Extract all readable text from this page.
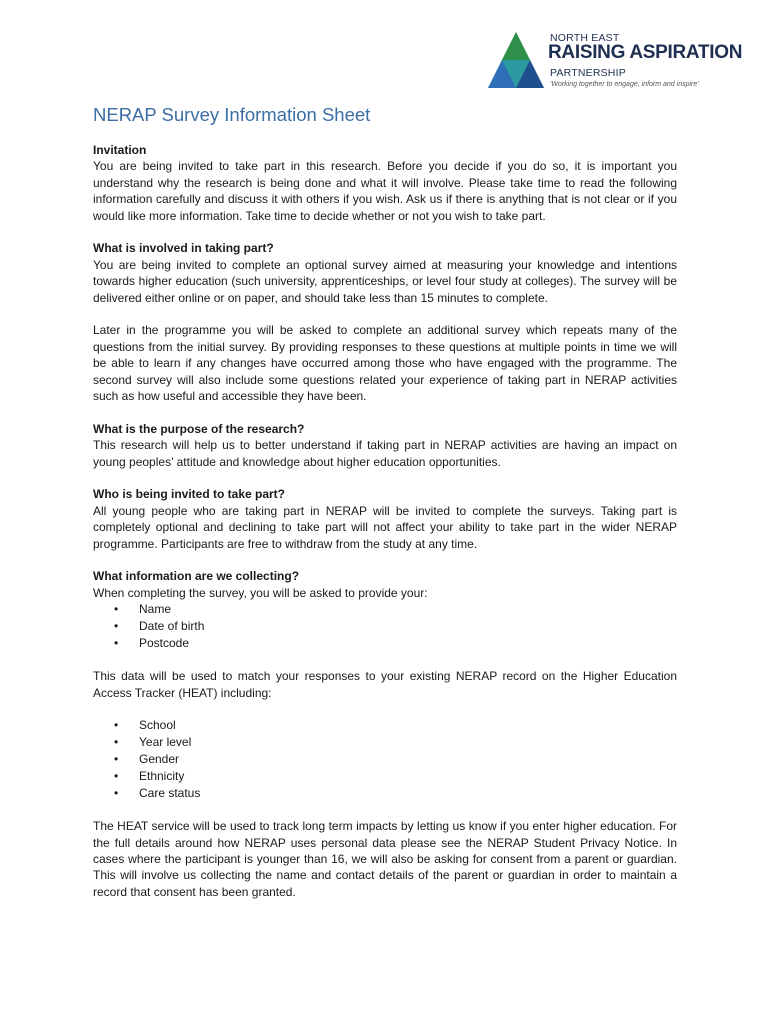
NORTH EAST
RAISING ASPIRATION
PARTNERSHIP
'Working together to engage, inform and inspire'
NERAP Survey Information Sheet
Invitation

You are being invited to take part in this research. Before you decide if you do so, it is important you understand why the research is being done and what it will involve. Please take time to read the following information carefully and discuss it with others if you wish. Ask us if there is anything that is not clear or if you would like more information. Take time to decide whether or not you wish to take part.

What is involved in taking part?

You are being invited to complete an optional survey aimed at measuring your knowledge and intentions towards higher education (such university, apprenticeships, or level four study at colleges). The survey will be delivered either online or on paper, and should take less than 15 minutes to complete.

Later in the programme you will be asked to complete an additional survey which repeats many of the questions from the initial survey. By providing responses to these questions at multiple points in time we will be able to learn if any changes have occurred among those who have engaged with the programme. The second survey will also include some questions related your experience of taking part in NERAP activities such as how useful and accessible they have been.

What is the purpose of the research?

This research will help us to better understand if taking part in NERAP activities are having an impact on young peoples’ attitude and knowledge about higher education opportunities.

Who is being invited to take part?

All young people who are taking part in NERAP will be invited to complete the surveys. Taking part is completely optional and declining to take part will not affect your ability to take part in the wider NERAP programme. Participants are free to withdraw from the study at any time.

What information are we collecting?

When completing the survey, you will be asked to provide your:

• Name
• Date of birth
• Postcode

This data will be used to match your responses to your existing NERAP record on the Higher Education Access Tracker (HEAT) including:

• School
• Year level
• Gender
• Ethnicity
• Care status

The HEAT service will be used to track long term impacts by letting us know if you enter higher education. For the full details around how NERAP uses personal data please see the NERAP Student Privacy Notice. In cases where the participant is younger than 16, we will also be asking for consent from a parent or guardian. This will involve us collecting the name and contact details of the parent or guardian in order to maintain a record that consent has been granted.
